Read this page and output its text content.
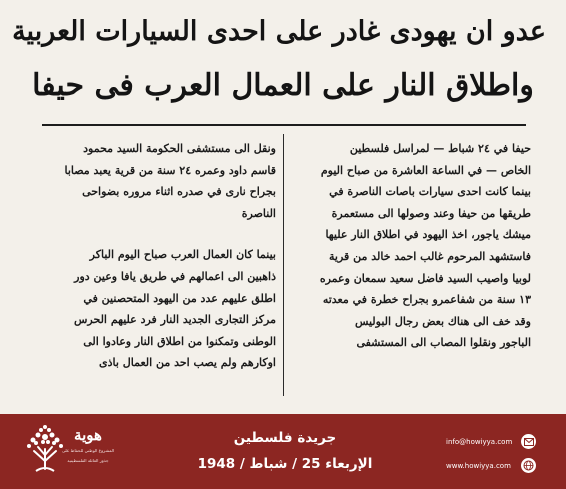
عدو ان يهودى غادر على احدى السيارات العربية
واطلاق النار على العمال العرب فى حيفا

حيفا في ٢٤ شباط — لمراسل فلسطين

الخاص — في الساعة العاشرة من صباح اليوم

بينما كانت احدى سيارات باصات الناصرة في

طريقها من حيفا وعند وصولها الى مستعمرة

ميشك ياجور، اخذ اليهود في اطلاق النار عليها

فاستشهد المرحوم غالب احمد خالد من قرية

لوبيا واصيب السيد فاضل سعيد سمعان وعمره

١٣ سنة من شفاعمرو بجراح خطرة في معدته

وقد خف الى هناك بعض رجال البوليس

الباجور ونقلوا المصاب الى المستشفى

ونقل الى مستشفى الحكومة السيد محمود

قاسم داود وعمره ٢٤ سنة من قرية يعبد مصابا

بجراح نارى في صدره اثناء مروره بضواحى

الناصرة

بينما كان العمال العرب صباح اليوم الباكر

ذاهبين الى اعمالهم في طريق يافا وعين دور

اطلق عليهم عدد من اليهود المتحصنين في

مركز التجارى الجديد النار فرد عليهم الحرس

الوطنى وتمكنوا من اطلاق النار وعادوا الى

اوكارهم ولم يصب احد من العمال باذى

هوية
المشروع الوطني للحفاظ على
جذور العائلة الفلسطينية
جريدة فلسطين
الإربعاء 25 / شباط / 1948
info@howiyya.com
www.howiyya.com
